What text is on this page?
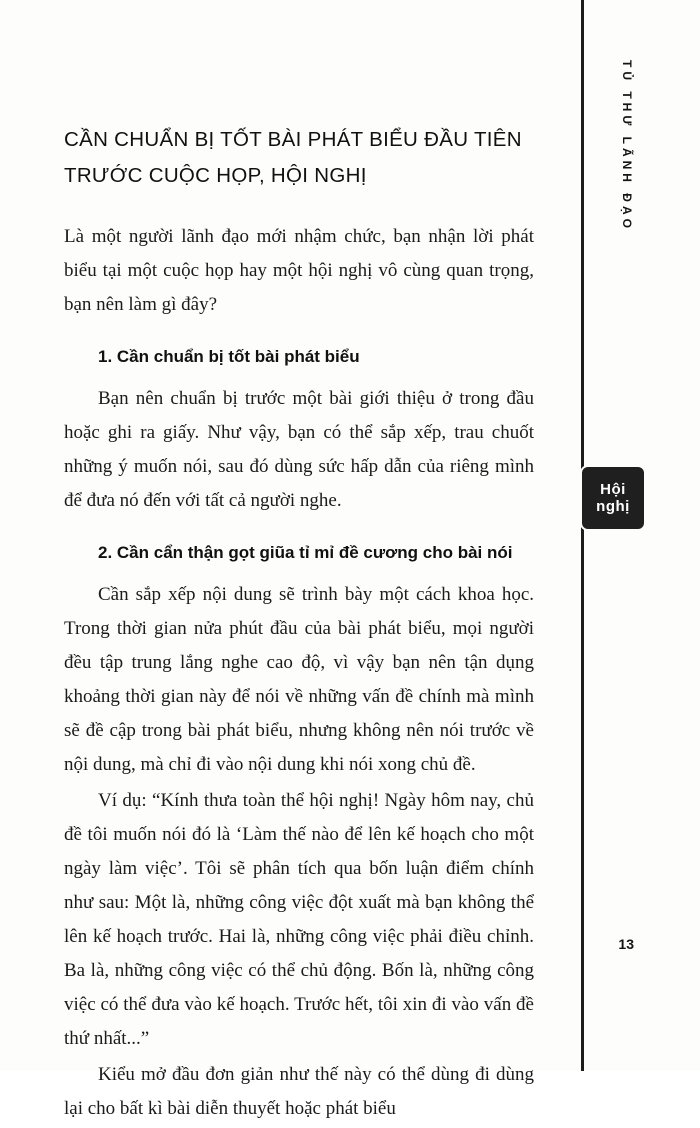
TỦ THƯ LÃNH ĐẠO
Hội
nghị
13
CẦN CHUẨN BỊ TỐT BÀI PHÁT BIỂU ĐẦU TIÊN
TRƯỚC CUỘC HỌP, HỘI NGHỊ

Là một người lãnh đạo mới nhậm chức, bạn nhận lời phát biểu tại một cuộc họp hay một hội nghị vô cùng quan trọng, bạn nên làm gì đây?

1. Cần chuẩn bị tốt bài phát biểu

Bạn nên chuẩn bị trước một bài giới thiệu ở trong đầu hoặc ghi ra giấy. Như vậy, bạn có thể sắp xếp, trau chuốt những ý muốn nói, sau đó dùng sức hấp dẫn của riêng mình để đưa nó đến với tất cả người nghe.

2. Cần cẩn thận gọt giũa tỉ mỉ đề cương cho bài nói

Cần sắp xếp nội dung sẽ trình bày một cách khoa học. Trong thời gian nửa phút đầu của bài phát biểu, mọi người đều tập trung lắng nghe cao độ, vì vậy bạn nên tận dụng khoảng thời gian này để nói về những vấn đề chính mà mình sẽ đề cập trong bài phát biểu, nhưng không nên nói trước về nội dung, mà chỉ đi vào nội dung khi nói xong chủ đề.

Ví dụ: “Kính thưa toàn thể hội nghị! Ngày hôm nay, chủ đề tôi muốn nói đó là ‘Làm thế nào để lên kế hoạch cho một ngày làm việc’. Tôi sẽ phân tích qua bốn luận điểm chính như sau: Một là, những công việc đột xuất mà bạn không thể lên kế hoạch trước. Hai là, những công việc phải điều chỉnh. Ba là, những công việc có thể chủ động. Bốn là, những công việc có thể đưa vào kế hoạch. Trước hết, tôi xin đi vào vấn đề thứ nhất...”

Kiểu mở đầu đơn giản như thế này có thể dùng đi dùng lại cho bất kì bài diễn thuyết hoặc phát biểu
